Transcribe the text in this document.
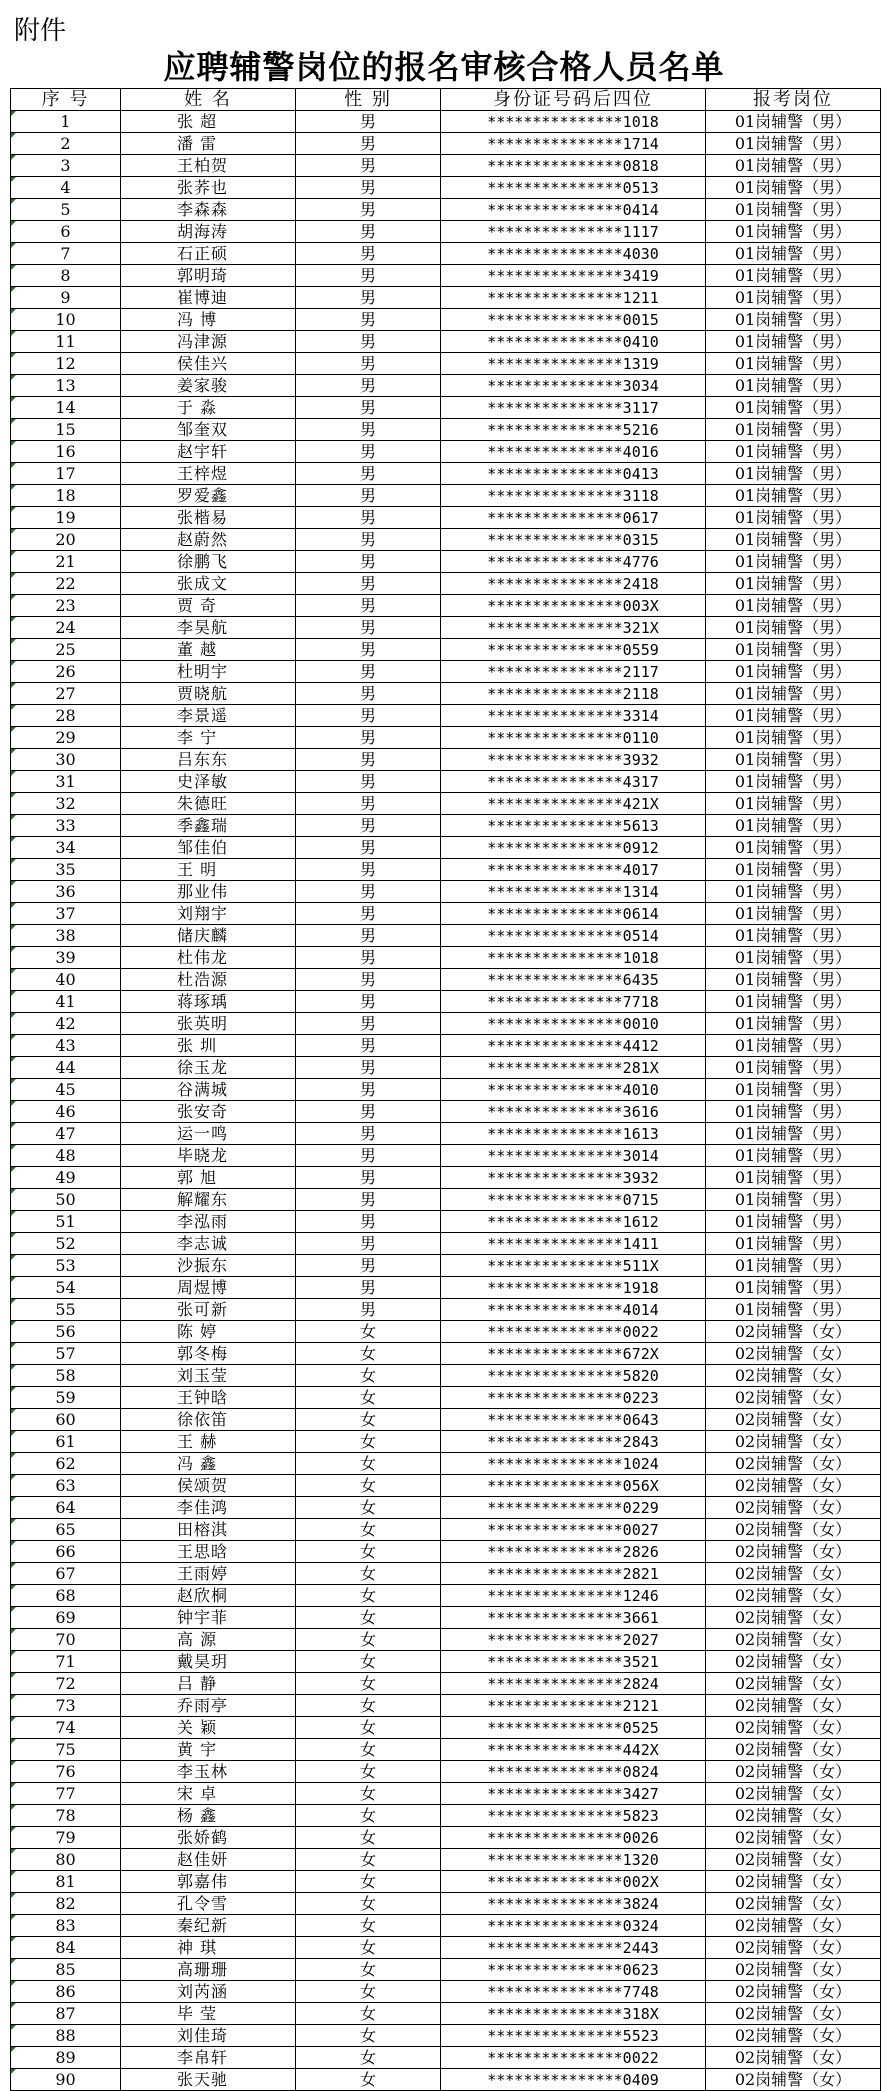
附件
应聘辅警岗位的报名审核合格人员名单
序 号	姓 名	性 别	身份证号码后四位	报考岗位
1	张 超	男	***************1018	01岗辅警（男）
2	潘 雷	男	***************1714	01岗辅警（男）
3	王柏贺	男	***************0818	01岗辅警（男）
4	张荞也	男	***************0513	01岗辅警（男）
5	李森森	男	***************0414	01岗辅警（男）
6	胡海涛	男	***************1117	01岗辅警（男）
7	石正硕	男	***************4030	01岗辅警（男）
8	郭明琦	男	***************3419	01岗辅警（男）
9	崔博迪	男	***************1211	01岗辅警（男）
10	冯 博	男	***************0015	01岗辅警（男）
11	冯津源	男	***************0410	01岗辅警（男）
12	侯佳兴	男	***************1319	01岗辅警（男）
13	姜家骏	男	***************3034	01岗辅警（男）
14	于 淼	男	***************3117	01岗辅警（男）
15	邹奎双	男	***************5216	01岗辅警（男）
16	赵宇轩	男	***************4016	01岗辅警（男）
17	王梓煜	男	***************0413	01岗辅警（男）
18	罗爱鑫	男	***************3118	01岗辅警（男）
19	张楷易	男	***************0617	01岗辅警（男）
20	赵蔚然	男	***************0315	01岗辅警（男）
21	徐鹏飞	男	***************4776	01岗辅警（男）
22	张成文	男	***************2418	01岗辅警（男）
23	贾 奇	男	***************003X	01岗辅警（男）
24	李昊航	男	***************321X	01岗辅警（男）
25	董 越	男	***************0559	01岗辅警（男）
26	杜明宇	男	***************2117	01岗辅警（男）
27	贾晓航	男	***************2118	01岗辅警（男）
28	李景遥	男	***************3314	01岗辅警（男）
29	李 宁	男	***************0110	01岗辅警（男）
30	吕东东	男	***************3932	01岗辅警（男）
31	史泽敏	男	***************4317	01岗辅警（男）
32	朱德旺	男	***************421X	01岗辅警（男）
33	季鑫瑞	男	***************5613	01岗辅警（男）
34	邹佳伯	男	***************0912	01岗辅警（男）
35	王 明	男	***************4017	01岗辅警（男）
36	那业伟	男	***************1314	01岗辅警（男）
37	刘翔宇	男	***************0614	01岗辅警（男）
38	储庆麟	男	***************0514	01岗辅警（男）
39	杜伟龙	男	***************1018	01岗辅警（男）
40	杜浩源	男	***************6435	01岗辅警（男）
41	蒋琢瑀	男	***************7718	01岗辅警（男）
42	张英明	男	***************0010	01岗辅警（男）
43	张 圳	男	***************4412	01岗辅警（男）
44	徐玉龙	男	***************281X	01岗辅警（男）
45	谷满城	男	***************4010	01岗辅警（男）
46	张安奇	男	***************3616	01岗辅警（男）
47	运一鸣	男	***************1613	01岗辅警（男）
48	毕晓龙	男	***************3014	01岗辅警（男）
49	郭 旭	男	***************3932	01岗辅警（男）
50	解耀东	男	***************0715	01岗辅警（男）
51	李泓雨	男	***************1612	01岗辅警（男）
52	李志诚	男	***************1411	01岗辅警（男）
53	沙振东	男	***************511X	01岗辅警（男）
54	周煜博	男	***************1918	01岗辅警（男）
55	张可新	男	***************4014	01岗辅警（男）
56	陈 婷	女	***************0022	02岗辅警（女）
57	郭冬梅	女	***************672X	02岗辅警（女）
58	刘玉莹	女	***************5820	02岗辅警（女）
59	王钟晗	女	***************0223	02岗辅警（女）
60	徐依笛	女	***************0643	02岗辅警（女）
61	王 赫	女	***************2843	02岗辅警（女）
62	冯 鑫	女	***************1024	02岗辅警（女）
63	侯颂贺	女	***************056X	02岗辅警（女）
64	李佳鸿	女	***************0229	02岗辅警（女）
65	田榕淇	女	***************0027	02岗辅警（女）
66	王思晗	女	***************2826	02岗辅警（女）
67	王雨婷	女	***************2821	02岗辅警（女）
68	赵欣桐	女	***************1246	02岗辅警（女）
69	钟宇菲	女	***************3661	02岗辅警（女）
70	高 源	女	***************2027	02岗辅警（女）
71	戴昊玥	女	***************3521	02岗辅警（女）
72	吕 静	女	***************2824	02岗辅警（女）
73	乔雨亭	女	***************2121	02岗辅警（女）
74	关 颖	女	***************0525	02岗辅警（女）
75	黄 宇	女	***************442X	02岗辅警（女）
76	李玉林	女	***************0824	02岗辅警（女）
77	宋 卓	女	***************3427	02岗辅警（女）
78	杨 鑫	女	***************5823	02岗辅警（女）
79	张娇鹤	女	***************0026	02岗辅警（女）
80	赵佳妍	女	***************1320	02岗辅警（女）
81	郭嘉伟	女	***************002X	02岗辅警（女）
82	孔令雪	女	***************3824	02岗辅警（女）
83	秦纪新	女	***************0324	02岗辅警（女）
84	神 琪	女	***************2443	02岗辅警（女）
85	高珊珊	女	***************0623	02岗辅警（女）
86	刘芮涵	女	***************7748	02岗辅警（女）
87	毕 莹	女	***************318X	02岗辅警（女）
88	刘佳琦	女	***************5523	02岗辅警（女）
89	李帛轩	女	***************0022	02岗辅警（女）
90	张天驰	女	***************0409	02岗辅警（女）
